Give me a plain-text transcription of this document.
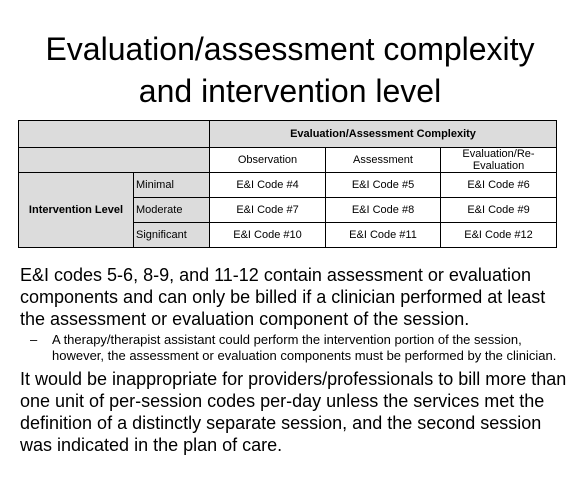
Evaluation/assessment complexity
and intervention level
		Evaluation/Assessment Complexity		
		Observation	Assessment	Evaluation/Re-Evaluation
Intervention Level	Minimal	E&I Code #4	E&I Code #5	E&I Code #6
	Moderate	E&I Code #7	E&I Code #8	E&I Code #9
	Significant	E&I Code #10	E&I Code #11	E&I Code #12

E&I codes 5-6, 8-9, and 11-12 contain assessment or evaluation components and can only be billed if a clinician performed at least the assessment or evaluation component of the session.

– A therapy/therapist assistant could perform the intervention portion of the session, however, the assessment or evaluation components must be performed by the clinician.

It would be inappropriate for providers/professionals to bill more than one unit of per-session codes per-day unless the services met the definition of a distinctly separate session, and the second session was indicated in the plan of care.
